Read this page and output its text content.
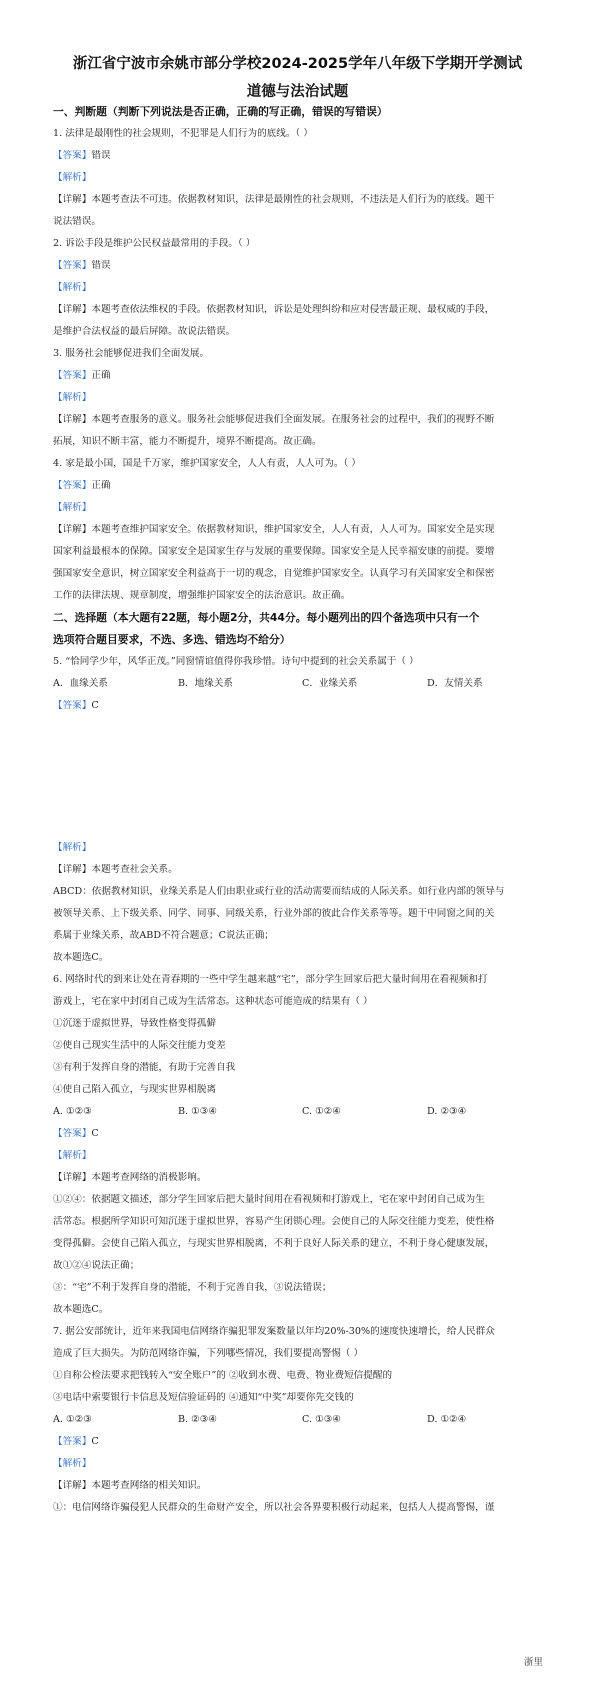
浙江省宁波市余姚市部分学校2024-2025学年八年级下学期开学测试
道德与法治试题
一、判断题（判断下列说法是否正确，正确的写正确，错误的写错误）
1. 法律是最刚性的社会规则，不犯罪是人们行为的底线。（ ）
【答案】错误
【解析】
【详解】本题考查法不可违。依据教材知识，法律是最刚性的社会规则，不违法是人们行为的底线。题干
说法错误。
2. 诉讼手段是维护公民权益最常用的手段。（ ）
【答案】错误
【解析】
【详解】本题考查依法维权的手段。依据教材知识，诉讼是处理纠纷和应对侵害最正规、最权威的手段，
是维护合法权益的最后屏障。故说法错误。
3. 服务社会能够促进我们全面发展。
【答案】正确
【解析】
【详解】本题考查服务的意义。服务社会能够促进我们全面发展。在服务社会的过程中，我们的视野不断
拓展，知识不断丰富，能力不断提升，境界不断提高。故正确。
4. 家是最小国，国是千万家，维护国家安全，人人有责，人人可为。（ ）
【答案】正确
【解析】
【详解】本题考查维护国家安全。依据教材知识，维护国家安全，人人有责，人人可为。国家安全是实现
国家利益最根本的保障。国家安全是国家生存与发展的重要保障。国家安全是人民幸福安康的前提。要增
强国家安全意识，树立国家安全利益高于一切的观念，自觉维护国家安全。认真学习有关国家安全和保密
工作的法律法规、规章制度，增强维护国家安全的法治意识。故正确。
二、选择题（本大题有22题，每小题2分，共44分。每小题列出的四个备选项中只有一个
选项符合题目要求，不选、多选、错选均不给分）
5. “恰同学少年，风华正茂。”同窗情谊值得你我珍惜。诗句中提到的社会关系属于（ ）
A．血缘关系	B．地缘关系	C．业缘关系	D．友情关系
【答案】C
【解析】
【详解】本题考查社会关系。
ABCD：依据教材知识，业缘关系是人们由职业或行业的活动需要而结成的人际关系。如行业内部的领导与
被领导关系、上下级关系、同学、同事、同级关系，行业外部的彼此合作关系等等。题干中同窗之间的关
系属于业缘关系，故ABD不符合题意；C说法正确；
故本题选C。
6. 网络时代的到来让处在青春期的一些中学生越来越“宅”，部分学生回家后把大量时间用在看视频和打
游戏上，宅在家中封闭自己成为生活常态。这种状态可能造成的结果有（ ）
①沉迷于虚拟世界，导致性格变得孤僻
②使自己现实生活中的人际交往能力变差
③有利于发挥自身的潜能，有助于完善自我
④使自己陷入孤立，与现实世界相脱离
A. ①②③	B. ①③④	C. ①②④	D. ②③④
【答案】C
【解析】
【详解】本题考查网络的消极影响。
①②④：依据题文描述，部分学生回家后把大量时间用在看视频和打游戏上，宅在家中封闭自己成为生
活常态。根据所学知识可知沉迷于虚拟世界，容易产生闭锁心理。会使自己的人际交往能力变差，使性格
变得孤僻。会使自己陷入孤立，与现实世界相脱离，不利于良好人际关系的建立，不利于身心健康发展，
故①②④说法正确；
③：“宅”不利于发挥自身的潜能，不利于完善自我，③说法错误；
故本题选C。
7. 据公安部统计，近年来我国电信网络诈骗犯罪发案数量以年均20%-30%的速度快速增长，给人民群众
造成了巨大损失。为防范网络诈骗，下列哪些情况，我们要提高警惕（ ）
①自称公检法要求把钱转入“安全账户”的 ②收到水费、电费、物业费短信提醒的
③电话中索要银行卡信息及短信验证码的 ④通知“中奖”却要你先交钱的
A. ①②③	B. ②③④	C. ①③④	D. ①②④
【答案】C
【解析】
【详解】本题考查网络的相关知识。
①：电信网络诈骗侵犯人民群众的生命财产安全，所以社会各界要积极行动起来，包括人人提高警惕，谨
浙里
